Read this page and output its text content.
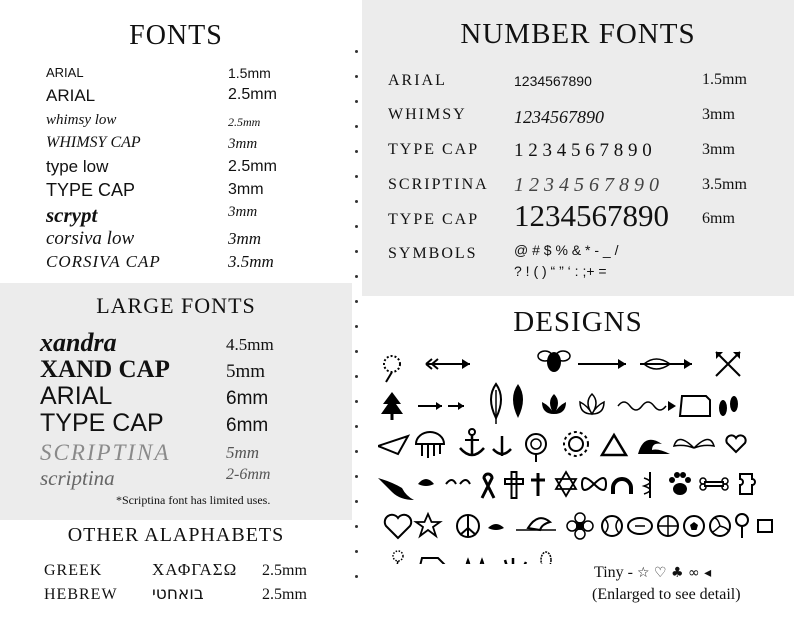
FONTS
ARIAL	1.5mm
ARIAL	2.5mm
whimsy low	2.5mm
WHIMSY CAP	3mm
type low	2.5mm
TYPE CAP	3mm
scrypt	3mm
corsiva low	3mm
CORSIVA CAP	3.5mm
LARGE FONTS
xandra	4.5mm
XAND CAP	5mm
ARIAL	6mm
TYPE CAP	6mm
SCRIPTINA	5mm
scriptina	2-6mm
*Scriptina font has limited uses.
OTHER ALAPHABETS
GREEK	ΧΑΦΓΑΣΩ 2.5mm
HEBREW בואחטי	2.5mm
NUMBER FONTS
ARIAL	1234567890	1.5mm
WHIMSY	1234567890	3mm
TYPE CAP 1 2 3 4 5 6 7 8 9 0	3mm
SCRIPTINA 1 2 3 4 5 6 7 8 9 0	3.5mm
TYPE CAP 1234567890 6mm
SYMBOLS	@ # $ % & * - _ /
? ! ( ) “ ” ‘ : ;+ =
DESIGNS
Tiny - ☆ ♡ ♣ ∞ ◂
(Enlarged to see detail)
